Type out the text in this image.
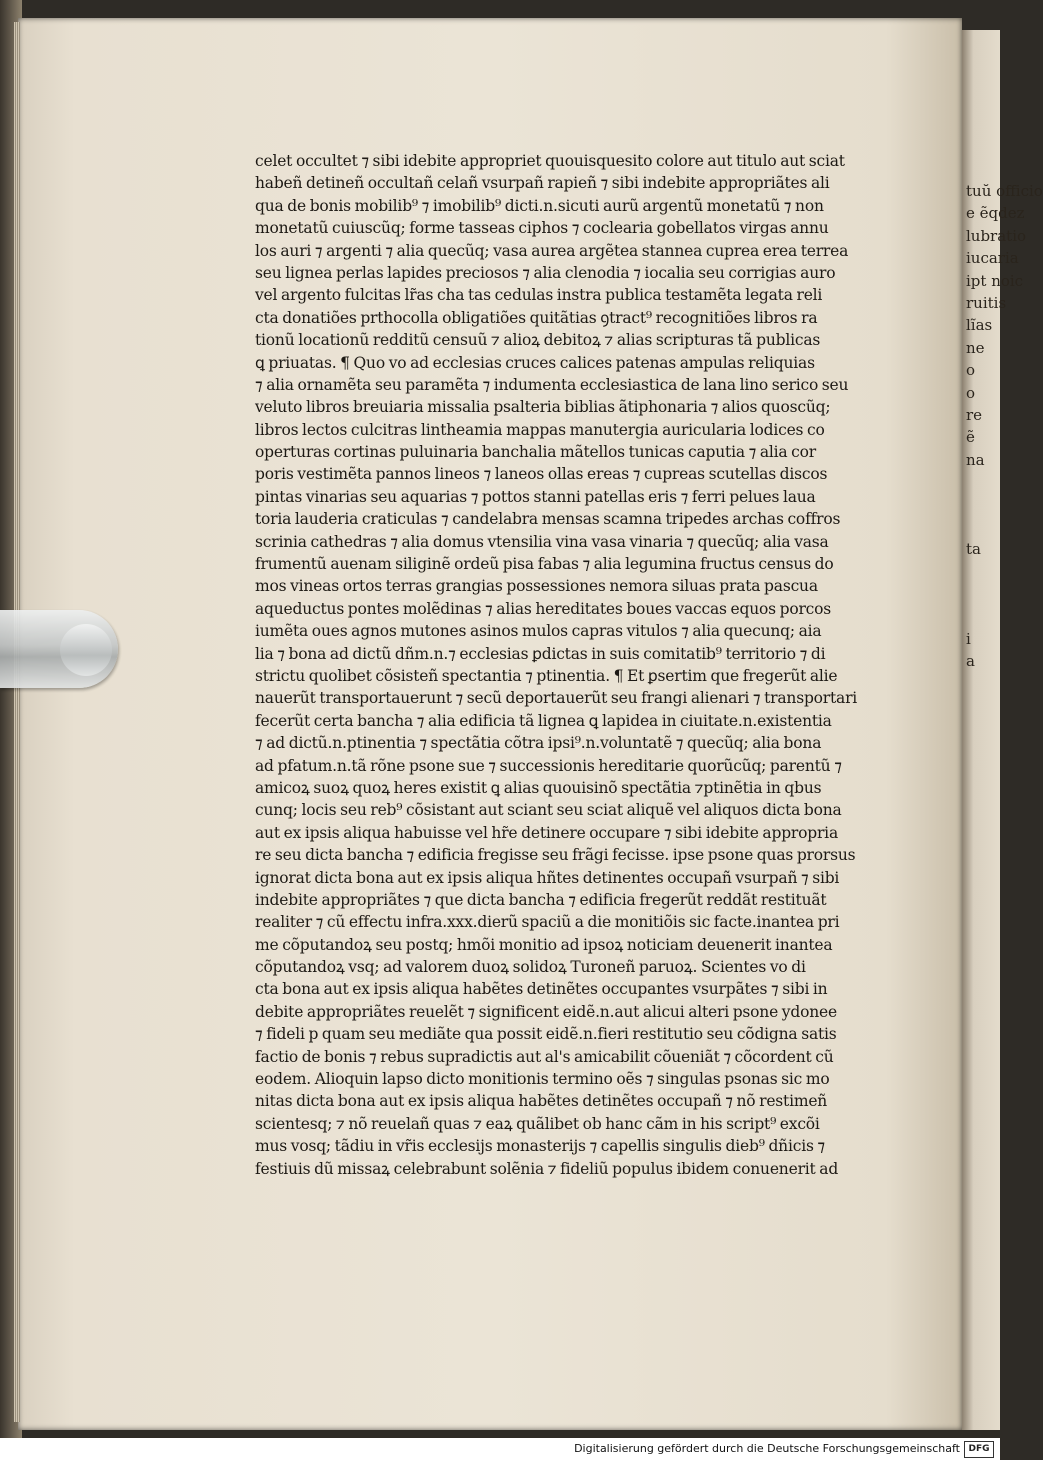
celet occultet ⁊ sibi idebite appropriet quouisquesito colore aut titulo aut sciat
habeñ detineñ occultañ celañ vsurpañ rapieñ ⁊ sibi indebite appropriãtes ali
qua de bonis mobilib⁹ ⁊ imobilib⁹ dicti.n.sicuti aurũ argentũ monetatũ ⁊ non
monetatũ cuiuscũq; forme tasseas ciphos ⁊ coclearia gobellatos virgas annu
los auri ⁊ argenti ⁊ alia quecũq; vasa aurea argẽtea stannea cuprea erea terrea
seu lignea perlas lapides preciosos ⁊ alia clenodia ⁊ iocalia seu corrigias auro
vel argento fulcitas lr̃as cha tas cedulas instra publica testamẽta legata reli
cta donatiões prthocolla obligatiões quitãtias ꝯtract⁹ recognitiões libros ra
tionũ locationũ redditũ censuũ ⁊ alioꝝ debitoꝝ ⁊ alias scripturas tã publicas
ꝗ priuatas. ¶ Quo vo ad ecclesias cruces calices patenas ampulas reliquias
⁊ alia ornamẽta seu paramẽta ⁊ indumenta ecclesiastica de lana lino serico seu
veluto libros breuiaria missalia psalteria biblias ãtiphonaria ⁊ alios quoscũq;
libros lectos culcitras lintheamia mappas manutergia auricularia lodices co
operturas cortinas puluinaria banchalia mãtellos tunicas caputia ⁊ alia cor
poris vestimẽta pannos lineos ⁊ laneos ollas ereas ⁊ cupreas scutellas discos
pintas vinarias seu aquarias ⁊ pottos stanni patellas eris ⁊ ferri pelues laua
toria lauderia craticulas ⁊ candelabra mensas scamna tripedes archas coffros
scrinia cathedras ⁊ alia domus vtensilia vina vasa vinaria ⁊ quecũq; alia vasa
frumentũ auenam siliginẽ ordeũ pisa fabas ⁊ alia legumina fructus census do
mos vineas ortos terras grangias possessiones nemora siluas prata pascua
aqueductus pontes molẽdinas ⁊ alias hereditates boues vaccas equos porcos
iumẽta oues agnos mutones asinos mulos capras vitulos ⁊ alia quecunq; aia
lia ⁊ bona ad dictũ dñm.n.⁊ ecclesias ꝑdictas in suis comitatib⁹ territorio ⁊ di
strictu quolibet cõsisteñ spectantia ⁊ ptinentia. ¶ Et ꝑsertim que fregerũt alie
nauerũt transportauerunt ⁊ secũ deportauerũt seu frangi alienari ⁊ transportari
fecerũt certa bancha ⁊ alia edificia tã lignea ꝗ lapidea in ciuitate.n.existentia
⁊ ad dictũ.n.ptinentia ⁊ spectãtia cõtra ipsi⁹.n.voluntatẽ ⁊ quecũq; alia bona
ad pfatum.n.tã rõne psone sue ⁊ successionis hereditarie quorũcũq; parentũ ⁊
amicoꝝ suoꝝ quoꝝ heres existit ꝗ alias quouisinõ spectãtia ⁊ptinẽtia in qbus
cunq; locis seu reb⁹ cõsistant aut sciant seu sciat aliquẽ vel aliquos dicta bona
aut ex ipsis aliqua habuisse vel hr̃e detinere occupare ⁊ sibi idebite appropria
re seu dicta bancha ⁊ edificia fregisse seu frãgi fecisse. ipse psone quas prorsus
ignorat dicta bona aut ex ipsis aliqua hñtes detinentes occupañ vsurpañ ⁊ sibi
indebite appropriãtes ⁊ que dicta bancha ⁊ edificia fregerũt reddãt restituãt
realiter ⁊ cũ effectu infra.xxx.dierũ spaciũ a die monitiõis sic facte.inantea pri
me cõputandoꝝ seu postq; hmõi monitio ad ipsoꝝ noticiam deuenerit inantea
cõputandoꝝ vsq; ad valorem duoꝝ solidoꝝ Turoneñ paruoꝝ. Scientes vo di
cta bona aut ex ipsis aliqua habẽtes detinẽtes occupantes vsurpãtes ⁊ sibi in
debite appropriãtes reuelẽt ⁊ significent eidẽ.n.aut alicui alteri psone ydonee
⁊ fideli p quam seu mediãte qua possit eidẽ.n.fieri restitutio seu cõdigna satis
factio de bonis ⁊ rebus supradictis aut al's amicabilit cõueniãt ⁊ cõcordent cũ
eodem. Alioquin lapso dicto monitionis termino oẽs ⁊ singulas psonas sic mo
nitas dicta bona aut ex ipsis aliqua habẽtes detinẽtes occupañ ⁊ nõ restimeñ
scientesq; ⁊ nõ reuelañ quas ⁊ eaꝝ quãlibet ob hanc cãm in his script⁹ excõi
mus vosq; tãdiu in vr̃is ecclesijs monasterijs ⁊ capellis singulis dieb⁹ dñicis ⁊
festiuis dũ missaꝝ celebrabunt solẽnia ⁊ fideliũ populus ibidem conuenerit ad
tuŭ officio
e ẽqdez
lubratio
iucaria
ipt noic
ruitis
lĩas
ne
o
o
re
ẽ
na
ta
i
a
Digitalisierung gefördert durch die Deutsche Forschungsgemeinschaft DFG
